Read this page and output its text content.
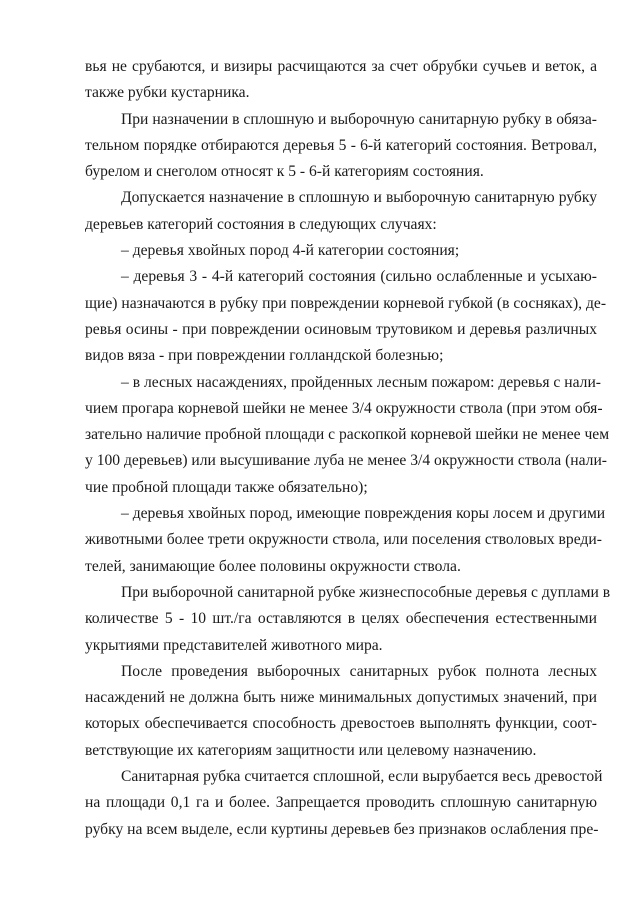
вья не срубаются, и визиры расчищаются за счет обрубки сучьев и веток, а
также рубки кустарника.
При назначении в сплошную и выборочную санитарную рубку в обяза-
тельном порядке отбираются деревья 5 - 6-й категорий состояния. Ветровал,
бурелом и снеголом относят к 5 - 6-й категориям состояния.
Допускается назначение в сплошную и выборочную санитарную рубку
деревьев категорий состояния в следующих случаях:
– деревья хвойных пород 4-й категории состояния;
– деревья 3 - 4-й категорий состояния (сильно ослабленные и усыхаю-
щие) назначаются в рубку при повреждении корневой губкой (в сосняках), де-
ревья осины - при повреждении осиновым трутовиком и деревья различных
видов вяза - при повреждении голландской болезнью;
– в лесных насаждениях, пройденных лесным пожаром: деревья с нали-
чием прогара корневой шейки не менее 3/4 окружности ствола (при этом обя-
зательно наличие пробной площади с раскопкой корневой шейки не менее чем
у 100 деревьев) или высушивание луба не менее 3/4 окружности ствола (нали-
чие пробной площади также обязательно);
– деревья хвойных пород, имеющие повреждения коры лосем и другими
животными более трети окружности ствола, или поселения стволовых вреди-
телей, занимающие более половины окружности ствола.
При выборочной санитарной рубке жизнеспособные деревья с дуплами в
количестве 5 - 10 шт./га оставляются в целях обеспечения естественными
укрытиями представителей животного мира.
После проведения выборочных санитарных рубок полнота лесных
насаждений не должна быть ниже минимальных допустимых значений, при
которых обеспечивается способность древостоев выполнять функции, соот-
ветствующие их категориям защитности или целевому назначению.
Санитарная рубка считается сплошной, если вырубается весь древостой
на площади 0,1 га и более. Запрещается проводить сплошную санитарную
рубку на всем выделе, если куртины деревьев без признаков ослабления пре-
